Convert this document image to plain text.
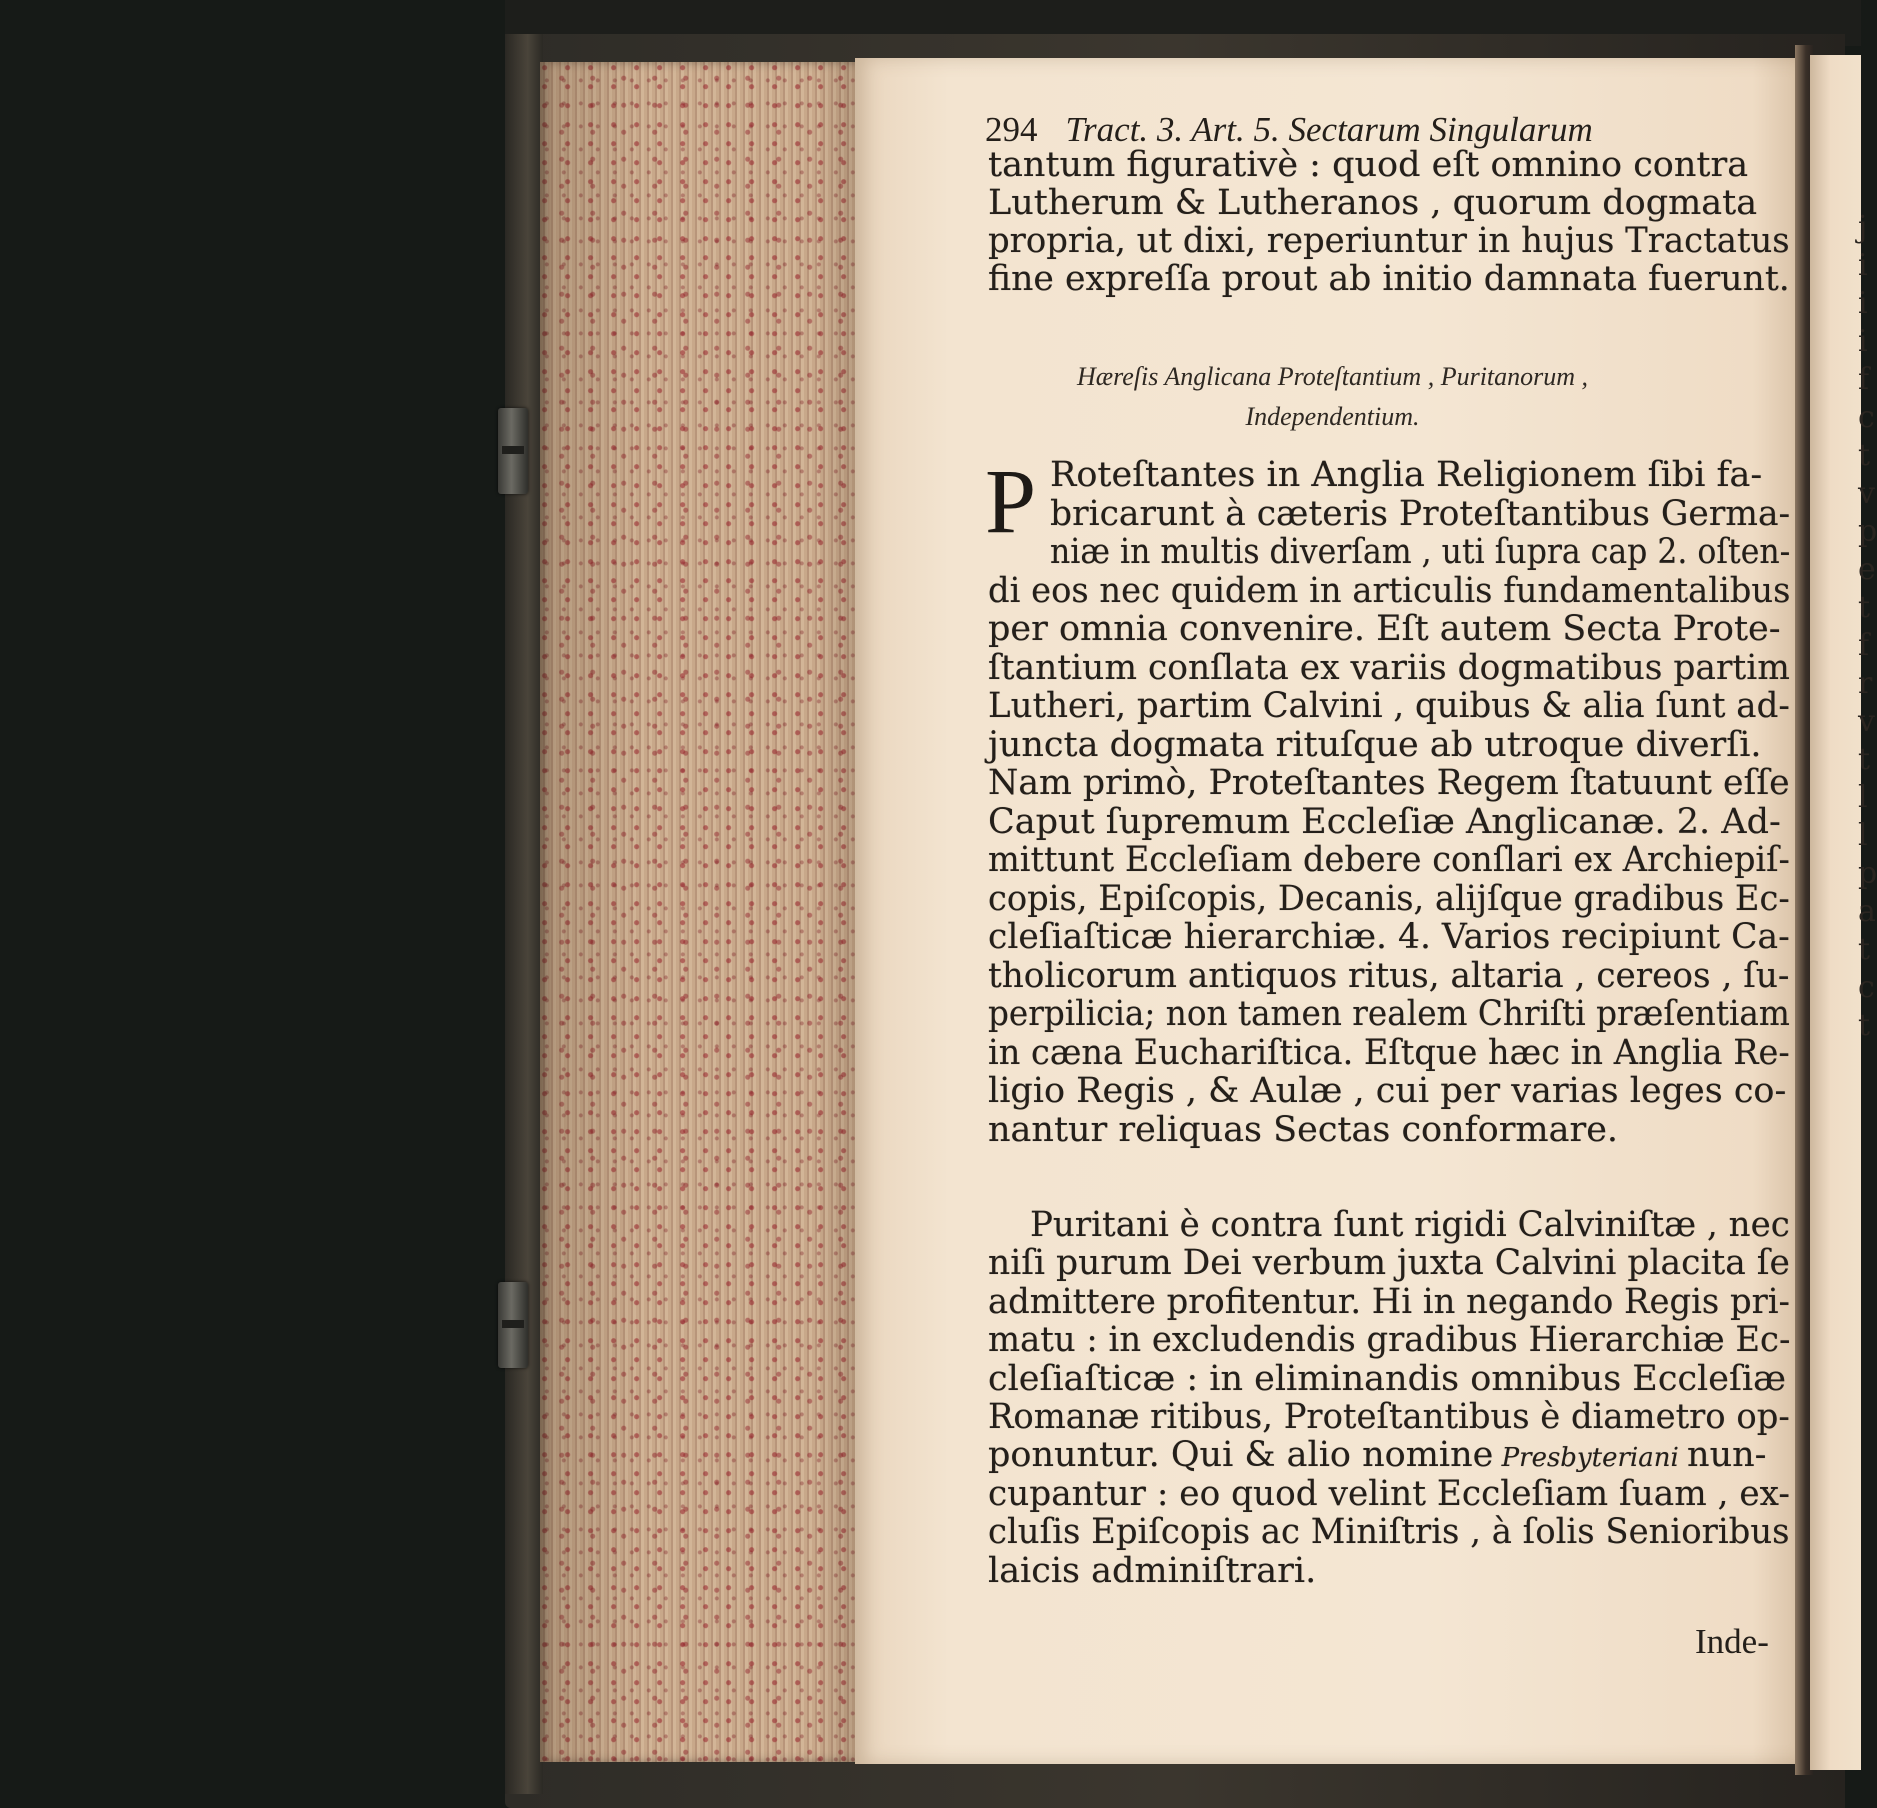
j
i
i
i
f
c
t
v
p
e
t
f
r
v
t
l
l
p
a
t
c
t
294 Tract. 3. Art. 5. Sectarum Singularum
tantum figurativè : quod eſt omnino contra
Lutherum & Lutheranos , quorum dogmata
propria, ut dixi, reperiuntur in hujus Tractatus
fine expreſſa prout ab initio damnata fuerunt.
Hæreſis Anglicana Proteſtantium , Puritanorum ,
Independentium.
P Roteſtantes in Anglia Religionem ſibi fa-
bricarunt à cæteris Proteſtantibus Germa-
niæ in multis diverſam , uti ſupra cap 2. oſten-
di eos nec quidem in articulis fundamentalibus
per omnia convenire. Eſt autem Secta Prote-
ſtantium conſlata ex variis dogmatibus partim
Lutheri, partim Calvini , quibus & alia ſunt ad-
juncta dogmata rituſque ab utroque diverſi.
Nam primò, Proteſtantes Regem ſtatuunt eſſe
Caput ſupremum Eccleſiæ Anglicanæ. 2. Ad-
mittunt Eccleſiam debere conſlari ex Archiepiſ-
copis, Epiſcopis, Decanis, alijſque gradibus Ec-
cleſiaſticæ hierarchiæ. 4. Varios recipiunt Ca-
tholicorum antiquos ritus, altaria , cereos , ſu-
perpilicia; non tamen realem Chriſti præſentiam
in cæna Euchariſtica. Eſtque hæc in Anglia Re-
ligio Regis , & Aulæ , cui per varias leges co-
nantur reliquas Sectas conformare.
Puritani è contra ſunt rigidi Calviniſtæ , nec
niſi purum Dei verbum juxta Calvini placita ſe
admittere profitentur. Hi in negando Regis pri-
matu : in excludendis gradibus Hierarchiæ Ec-
cleſiaſticæ : in eliminandis omnibus Eccleſiæ
Romanæ ritibus, Proteſtantibus è diametro op-
ponuntur. Qui & alio nomine Presbyteriani nun-
cupantur : eo quod velint Eccleſiam ſuam , ex-
cluſis Epiſcopis ac Miniſtris , à ſolis Senioribus
laicis adminiſtrari.
Inde-
